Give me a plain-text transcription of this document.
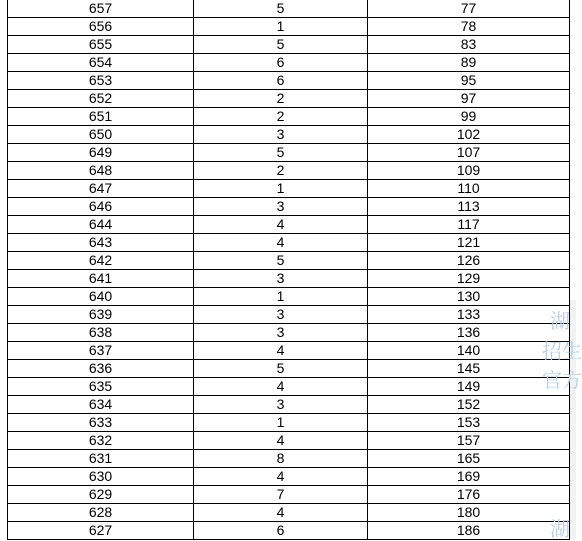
657	5	77
656	1	78
655	5	83
654	6	89
653	6	95
652	2	97
651	2	99
650	3	102
649	5	107
648	2	109
647	1	110
646	3	113
644	4	117
643	4	121
642	5	126
641	3	129
640	1	130
639	3	133
638	3	136
637	4	140
636	5	145
635	4	149
634	3	152
633	1	153
632	4	157
631	8	165
630	4	169
629	7	176
628	4	180
627	6	186
湖
招生
官方
湖
